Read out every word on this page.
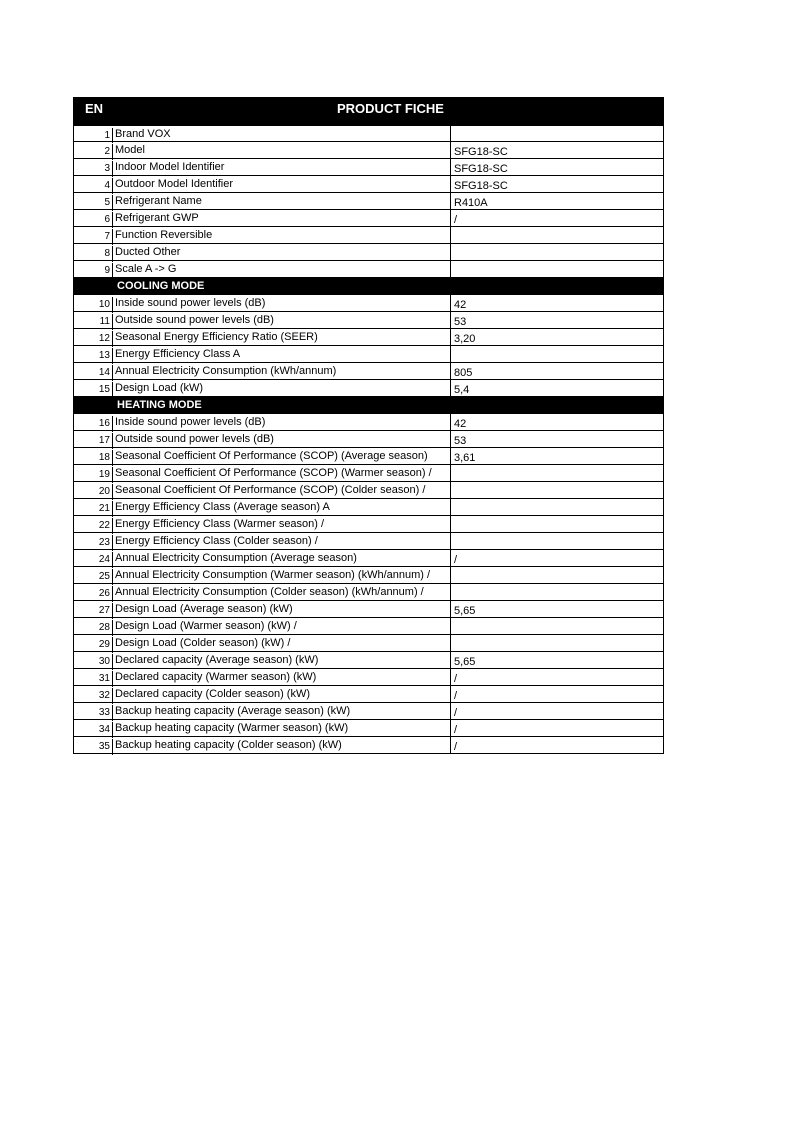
EN	PRODUCT FICHE
1 Brand VOX
2 Model	SFG18-SC
3 Indoor Model Identifier	SFG18-SC
4 Outdoor Model Identifier	SFG18-SC
5 Refrigerant Name	R410A
6 Refrigerant GWP	/
7 Function Reversible
8 Ducted Other
9 Scale A -> G
COOLING MODE
10 Inside sound power levels (dB)	42
11 Outside sound power levels (dB)	53
12 Seasonal Energy Efficiency Ratio (SEER)	3,20
13 Energy Efficiency Class A
14 Annual Electricity Consumption (kWh/annum)	805
15 Design Load (kW)	5,4
HEATING MODE
16 Inside sound power levels (dB)	42
17 Outside sound power levels (dB)	53
18 Seasonal Coefficient Of Performance (SCOP) (Average season)	3,61
19 Seasonal Coefficient Of Performance (SCOP) (Warmer season) /
20 Seasonal Coefficient Of Performance (SCOP) (Colder season) /
21 Energy Efficiency Class (Average season) A
22 Energy Efficiency Class (Warmer season) /
23 Energy Efficiency Class (Colder season) /
24 Annual Electricity Consumption (Average season)	/
25 Annual Electricity Consumption (Warmer season) (kWh/annum) /
26 Annual Electricity Consumption (Colder season) (kWh/annum) /
27 Design Load (Average season) (kW)	5,65
28 Design Load (Warmer season) (kW) /
29 Design Load (Colder season) (kW) /
30 Declared capacity (Average season) (kW)	5,65
31 Declared capacity (Warmer season) (kW)	/
32 Declared capacity (Colder season) (kW)	/
33 Backup heating capacity (Average season) (kW)	/
34 Backup heating capacity (Warmer season) (kW)	/
35 Backup heating capacity (Colder season) (kW)	/
